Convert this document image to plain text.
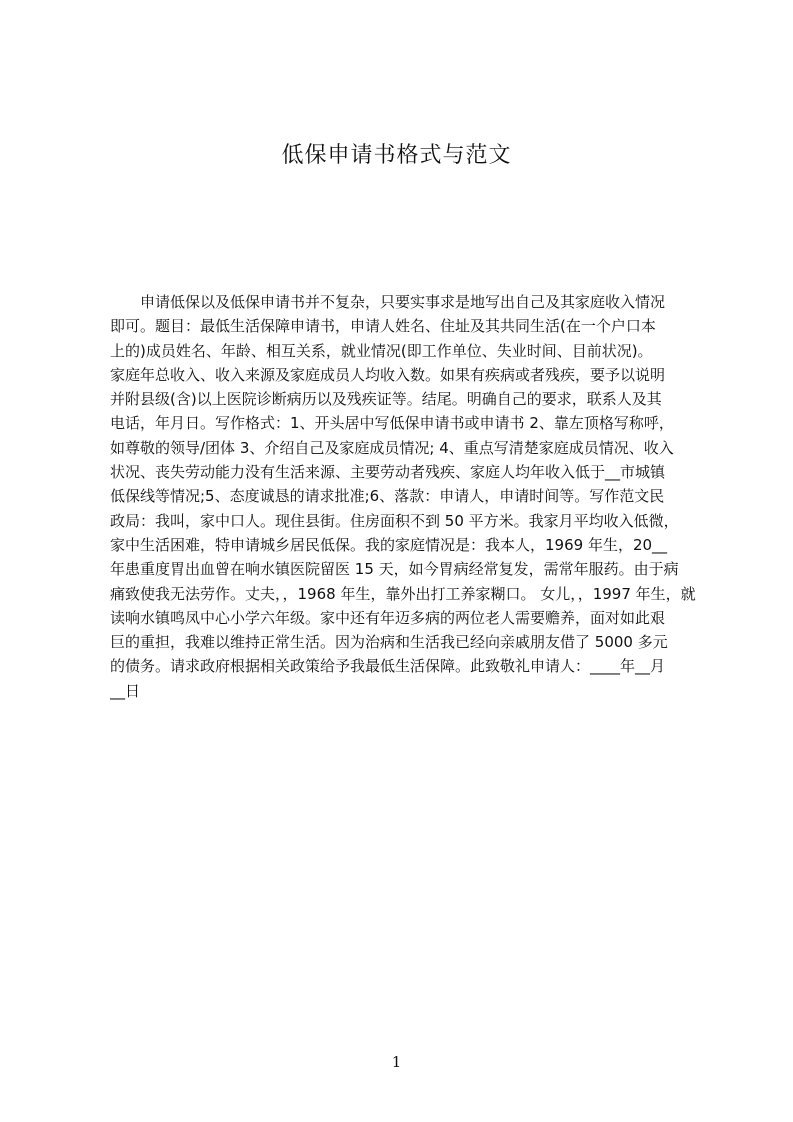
低保申请书格式与范文
　　申请低保以及低保申请书并不复杂，只要实事求是地写出自己及其家庭收入情况
即可。题目：最低生活保障申请书，申请人姓名、住址及其共同生活(在一个户口本
上的)成员姓名、年龄、相互关系，就业情况(即工作单位、失业时间、目前状况)。
家庭年总收入、收入来源及家庭成员人均收入数。如果有疾病或者残疾，要予以说明
并附县级(含)以上医院诊断病历以及残疾证等。结尾。明确自己的要求，联系人及其
电话，年月日。写作格式：1、开头居中写低保申请书或申请书 2、靠左顶格写称呼，
如尊敬的领导/团体 3、介绍自己及家庭成员情况; 4、重点写清楚家庭成员情况、收入
状况、丧失劳动能力没有生活来源、主要劳动者残疾、家庭人均年收入低于__市城镇
低保线等情况;5、态度诚恳的请求批准;6、落款：申请人，申请时间等。写作范文民
政局：我叫，家中口人。现住县街。住房面积不到 50 平方米。我家月平均收入低微，
家中生活困难，特申请城乡居民低保。我的家庭情况是：我本人，1969 年生，20__
年患重度胃出血曾在响水镇医院留医 15 天，如今胃病经常复发，需常年服药。由于病
痛致使我无法劳作。丈夫，，1968 年生，靠外出打工养家糊口。 女儿，，1997 年生，就
读响水镇鸣凤中心小学六年级。家中还有年迈多病的两位老人需要赡养，面对如此艰
巨的重担，我难以维持正常生活。因为治病和生活我已经向亲戚朋友借了 5000 多元
的债务。请求政府根据相关政策给予我最低生活保障。此致敬礼申请人：____年__月
__日
1
